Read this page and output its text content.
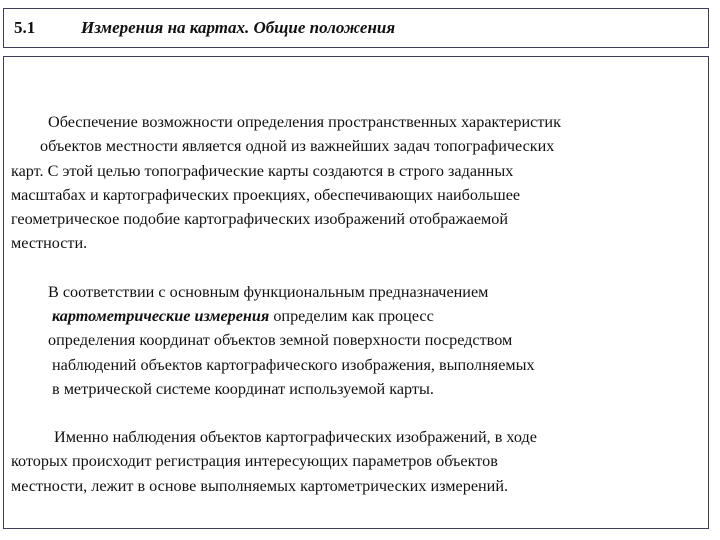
5.1	Измерения на картах. Общие положения
Обеспечение возможности определения пространственных характеристик
объектов местности является одной из важнейших задач топографических
карт. С этой целью топографические карты создаются в строго заданных
масштабах и картографических проекциях, обеспечивающих наибольшее
геометрическое подобие картографических изображений отображаемой
местности.
В соответствии с основным функциональным предназначением
картометрические измерения определим как процесс
определения координат объектов земной поверхности посредством
наблюдений объектов картографического изображения, выполняемых
в метрической системе координат используемой карты.
Именно наблюдения объектов картографических изображений, в ходе
которых происходит регистрация интересующих параметров объектов
местности, лежит в основе выполняемых картометрических измерений.
